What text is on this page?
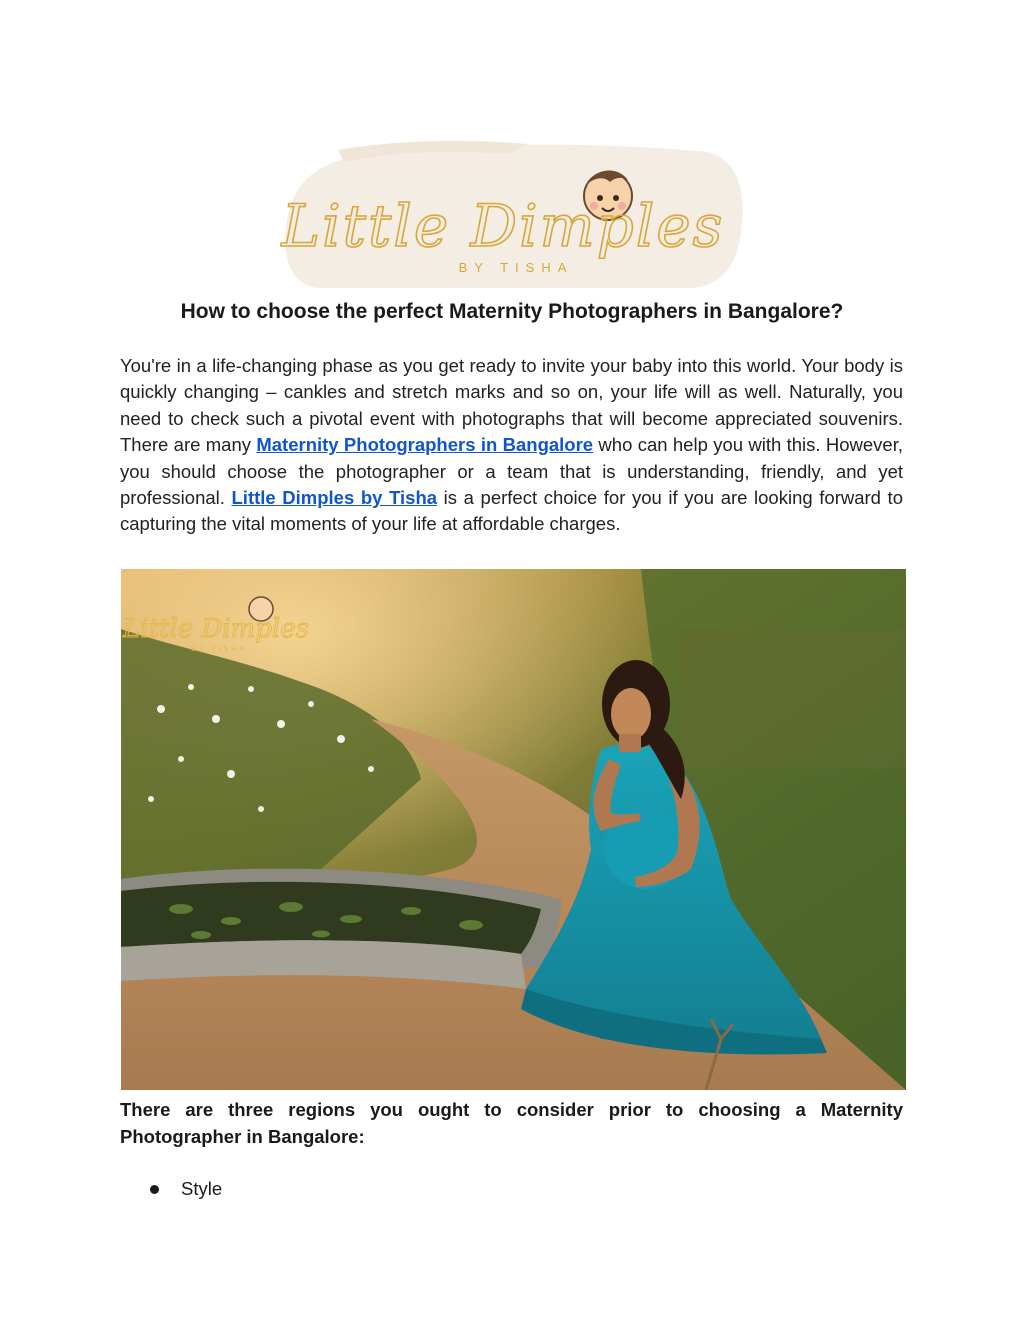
Little Dimples
BY TISHA
How to choose the perfect Maternity Photographers in Bangalore?

You're in a life-changing phase as you get ready to invite your baby into this world. Your body is quickly changing – cankles and stretch marks and so on, your life will as well. Naturally, you need to check such a pivotal event with photographs that will become appreciated souvenirs. There are many Maternity Photographers in Bangalore who can help you with this. However, you should choose the photographer or a team that is understanding, friendly, and yet professional. Little Dimples by Tisha is a perfect choice for you if you are looking forward to capturing the vital moments of your life at affordable charges.

Little Dimples
BY TISHA

There are three regions you ought to consider prior to choosing a Maternity Photographer in Bangalore:

Style
